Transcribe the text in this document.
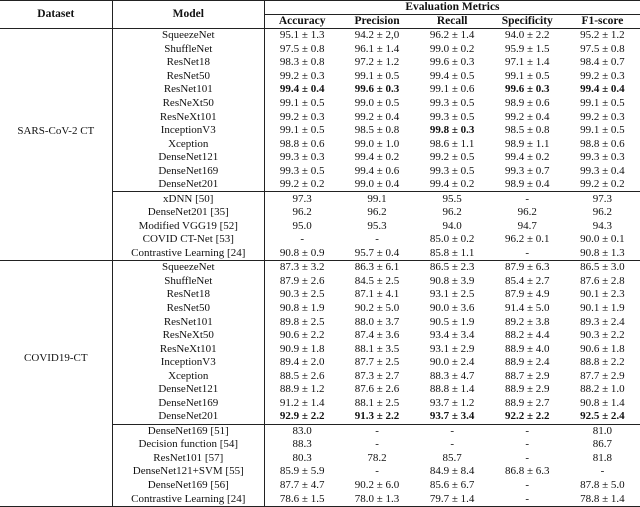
Dataset	Model	Evaluation Metrics				
		Accuracy	Precision	Recall	Specificity	F1-score
SARS-CoV-2 CT	SqueezeNet	95.1 ± 1.3	94.2 ± 2,0	96.2 ± 1.4	94.0 ± 2.2	95.2 ± 1.2
	ShuffleNet	97.5 ± 0.8	96.1 ± 1.4	99.0 ± 0.2	95.9 ± 1.5	97.5 ± 0.8
	ResNet18	98.3 ± 0.8	97.2 ± 1.2	99.6 ± 0.3	97.1 ± 1.4	98.4 ± 0.7
	ResNet50	99.2 ± 0.3	99.1 ± 0.5	99.4 ± 0.5	99.1 ± 0.5	99.2 ± 0.3
	ResNet101	99.4 ± 0.4	99.6 ± 0.3	99.1 ± 0.6	99.6 ± 0.3	99.4 ± 0.4
	ResNeXt50	99.1 ± 0.5	99.0 ± 0.5	99.3 ± 0.5	98.9 ± 0.6	99.1 ± 0.5
	ResNeXt101	99.2 ± 0.3	99.2 ± 0.4	99.3 ± 0.5	99.2 ± 0.4	99.2 ± 0.3
	InceptionV3	99.1 ± 0.5	98.5 ± 0.8	99.8 ± 0.3	98.5 ± 0.8	99.1 ± 0.5
	Xception	98.8 ± 0.6	99.0 ± 1.0	98.6 ± 1.1	98.9 ± 1.1	98.8 ± 0.6
	DenseNet121	99.3 ± 0.3	99.4 ± 0.2	99.2 ± 0.5	99.4 ± 0.2	99.3 ± 0.3
	DenseNet169	99.3 ± 0.5	99.4 ± 0.6	99.3 ± 0.5	99.3 ± 0.7	99.3 ± 0.4
	DenseNet201	99.2 ± 0.2	99.0 ± 0.4	99.4 ± 0.2	98.9 ± 0.4	99.2 ± 0.2
	xDNN [50]	97.3	99.1	95.5	-	97.3
	DenseNet201 [35]	96.2	96.2	96.2	96.2	96.2
	Modified VGG19 [52]	95.0	95.3	94.0	94.7	94.3
	COVID CT-Net [53]	-	-	85.0 ± 0.2	96.2 ± 0.1	90.0 ± 0.1
	Contrastive Learning [24]	90.8 ± 0.9	95.7 ± 0.4	85.8 ± 1.1	-	90.8 ± 1.3
COVID19-CT	SqueezeNet	87.3 ± 3.2	86.3 ± 6.1	86.5 ± 2.3	87.9 ± 6.3	86.5 ± 3.0
	ShuffleNet	87.9 ± 2.6	84.5 ± 2.5	90.8 ± 3.9	85.4 ± 2.7	87.6 ± 2.8
	ResNet18	90.3 ± 2.5	87.1 ± 4.1	93.1 ± 2.5	87.9 ± 4.9	90.1 ± 2.3
	ResNet50	90.8 ± 1.9	90.2 ± 5.0	90.0 ± 3.6	91.4 ± 5.0	90.1 ± 1.9
	ResNet101	89.8 ± 2.5	88.0 ± 3.7	90.5 ± 1.9	89.2 ± 3.8	89.3 ± 2.4
	ResNeXt50	90.6 ± 2.2	87.4 ± 3.6	93.4 ± 3.4	88.2 ± 4.4	90.3 ± 2.2
	ResNeXt101	90.9 ± 1.8	88.1 ± 3.5	93.1 ± 2.9	88.9 ± 4.0	90.6 ± 1.8
	InceptionV3	89.4 ± 2.0	87.7 ± 2.5	90.0 ± 2.4	88.9 ± 2.4	88.8 ± 2.2
	Xception	88.5 ± 2.6	87.3 ± 2.7	88.3 ± 4.7	88.7 ± 2.9	87.7 ± 2.9
	DenseNet121	88.9 ± 1.2	87.6 ± 2.6	88.8 ± 1.4	88.9 ± 2.9	88.2 ± 1.0
	DenseNet169	91.2 ± 1.4	88.1 ± 2.5	93.7 ± 1.2	88.9 ± 2.7	90.8 ± 1.4
	DenseNet201	92.9 ± 2.2	91.3 ± 2.2	93.7 ± 3.4	92.2 ± 2.2	92.5 ± 2.4
	DenseNet169 [51]	83.0	-	-	-	81.0
	Decision function [54]	88.3	-	-	-	86.7
	ResNet101 [57]	80.3	78.2	85.7	-	81.8
	DenseNet121+SVM [55]	85.9 ± 5.9	-	84.9 ± 8.4	86.8 ± 6.3	-
	DenseNet169 [56]	87.7 ± 4.7	90.2 ± 6.0	85.6 ± 6.7	-	87.8 ± 5.0
	Contrastive Learning [24]	78.6 ± 1.5	78.0 ± 1.3	79.7 ± 1.4	-	78.8 ± 1.4
